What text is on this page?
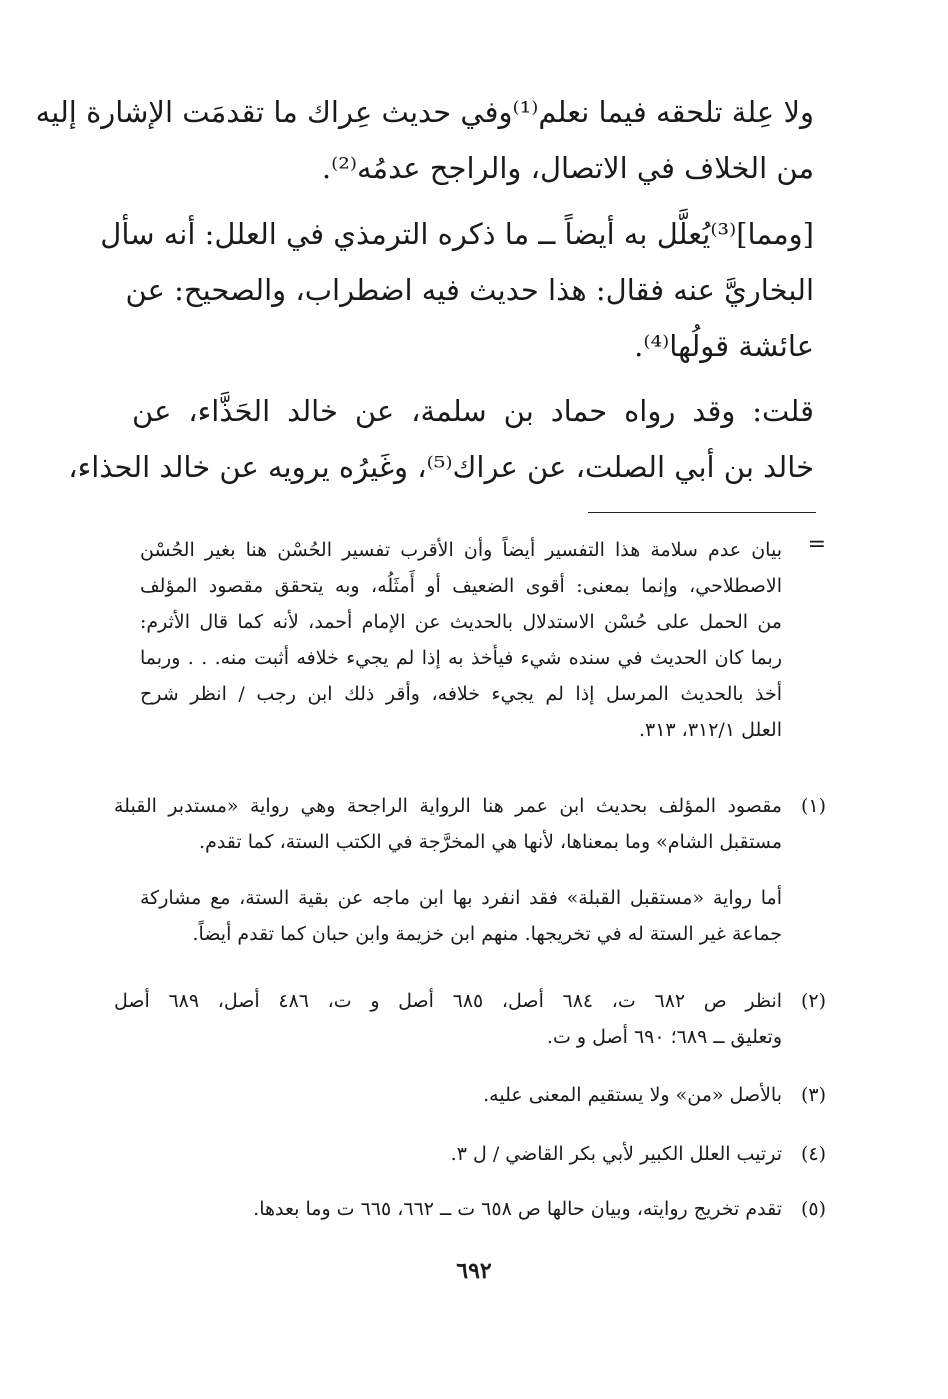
ولا عِلة تلحقه فيما نعلم⁽¹⁾وفي حديث عِراك ما تقدمَت الإشارة إليه
من الخلاف في الاتصال، والراجح عدمُه⁽²⁾.
[ومما]⁽³⁾يُعلَّل به أيضاً ــ ما ذكره الترمذي في العلل: أنه سأل
البخاريَّ عنه فقال: هذا حديث فيه اضطراب، والصحيح: عن
عائشة قولُها⁽⁴⁾.
قلت: وقد رواه حماد بن سلمة، عن خالد الحَذَّاء، عن
خالد بن أبي الصلت، عن عراك⁽⁵⁾، وغَيرُه يرويه عن خالد الحذاء،
=
بيان عدم سلامة هذا التفسير أيضاً وأن الأقرب تفسير الحُسْن هنا بغير الحُسْن
الاصطلاحي، وإنما بمعنى: أقوى الضعيف أو أَمثَلُه، وبه يتحقق مقصود المؤلف
من الحمل على حُسْن الاستدلال بالحديث عن الإمام أحمد، لأنه كما قال الأثرم:
ربما كان الحديث في سنده شيء فيأخذ به إذا لم يجيء خلافه أثبت منه. . . وربما
أخذ بالحديث المرسل إذا لم يجيء خلافه، وأقر ذلك ابن رجب / انظر شرح
العلل ٣١٢/١، ٣١٣.
(١)
مقصود المؤلف بحديث ابن عمر هنا الرواية الراجحة وهي رواية «مستدبر القبلة
مستقبل الشام» وما بمعناها، لأنها هي المخرَّجة في الكتب الستة، كما تقدم.
أما رواية «مستقبل القبلة» فقد انفرد بها ابن ماجه عن بقية الستة، مع مشاركة
جماعة غير الستة له في تخريجها. منهم ابن خزيمة وابن حبان كما تقدم أيضاً.
(٢)
انظر ص ٦٨٢ ت، ٦٨٤ أصل، ٦٨٥ أصل و ت، ٤٨٦ أصل، ٦٨٩ أصل
وتعليق ــ ٦٨٩؛ ٦٩٠ أصل و ت.
(٣)
بالأصل «من» ولا يستقيم المعنى عليه.
(٤)
ترتيب العلل الكبير لأبي بكر القاضي / ل ٣.
(٥)
تقدم تخريج روايته، وبيان حالها ص ٦٥٨ ت ــ ٦٦٢، ٦٦٥ ت وما بعدها.
٦٩٢
